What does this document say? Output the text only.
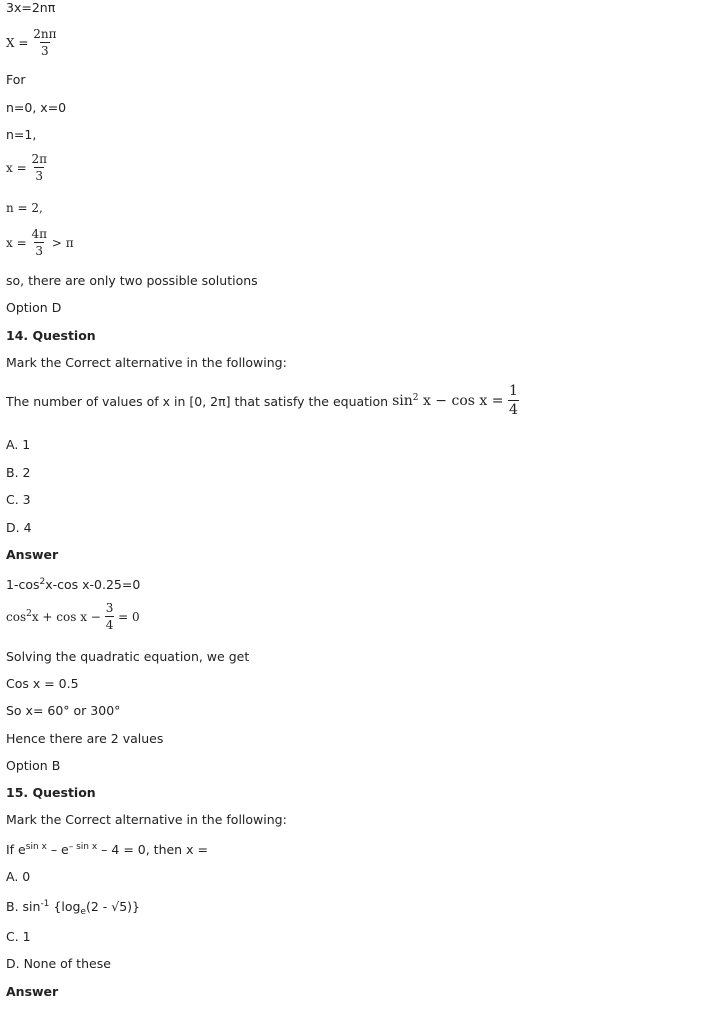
3x=2nπ
$X = \frac{2n\pi}{3}$
For
n=0, x=0
n=1,
$x = \frac{2\pi}{3}$
n = 2,
$x = \frac{4\pi}{3} > \pi$
so, there are only two possible solutions
Option D
14. Question
Mark the Correct alternative in the following:
The number of values of x in [0, 2π] that satisfy the equation $\sin^2 x - \cos x = \frac{1}{4}$
A. 1
B. 2
C. 3
D. 4
Answer
$1-\cos^2x-\cos$ x-0.25=0
$\cos^2x + \cos x - \frac{3}{4} = 0$
Solving the quadratic equation, we get
Cos x = 0.5
So x= 60° or 300°
Hence there are 2 values
Option B
15. Question
Mark the Correct alternative in the following:
If $e^{sin x} - e^{- sin x} - 4 = 0$, then x =
A. 0
B. $\sin^{-1} \{\log_e(2 - √5)\}$
C. 1
D. None of these
Answer
